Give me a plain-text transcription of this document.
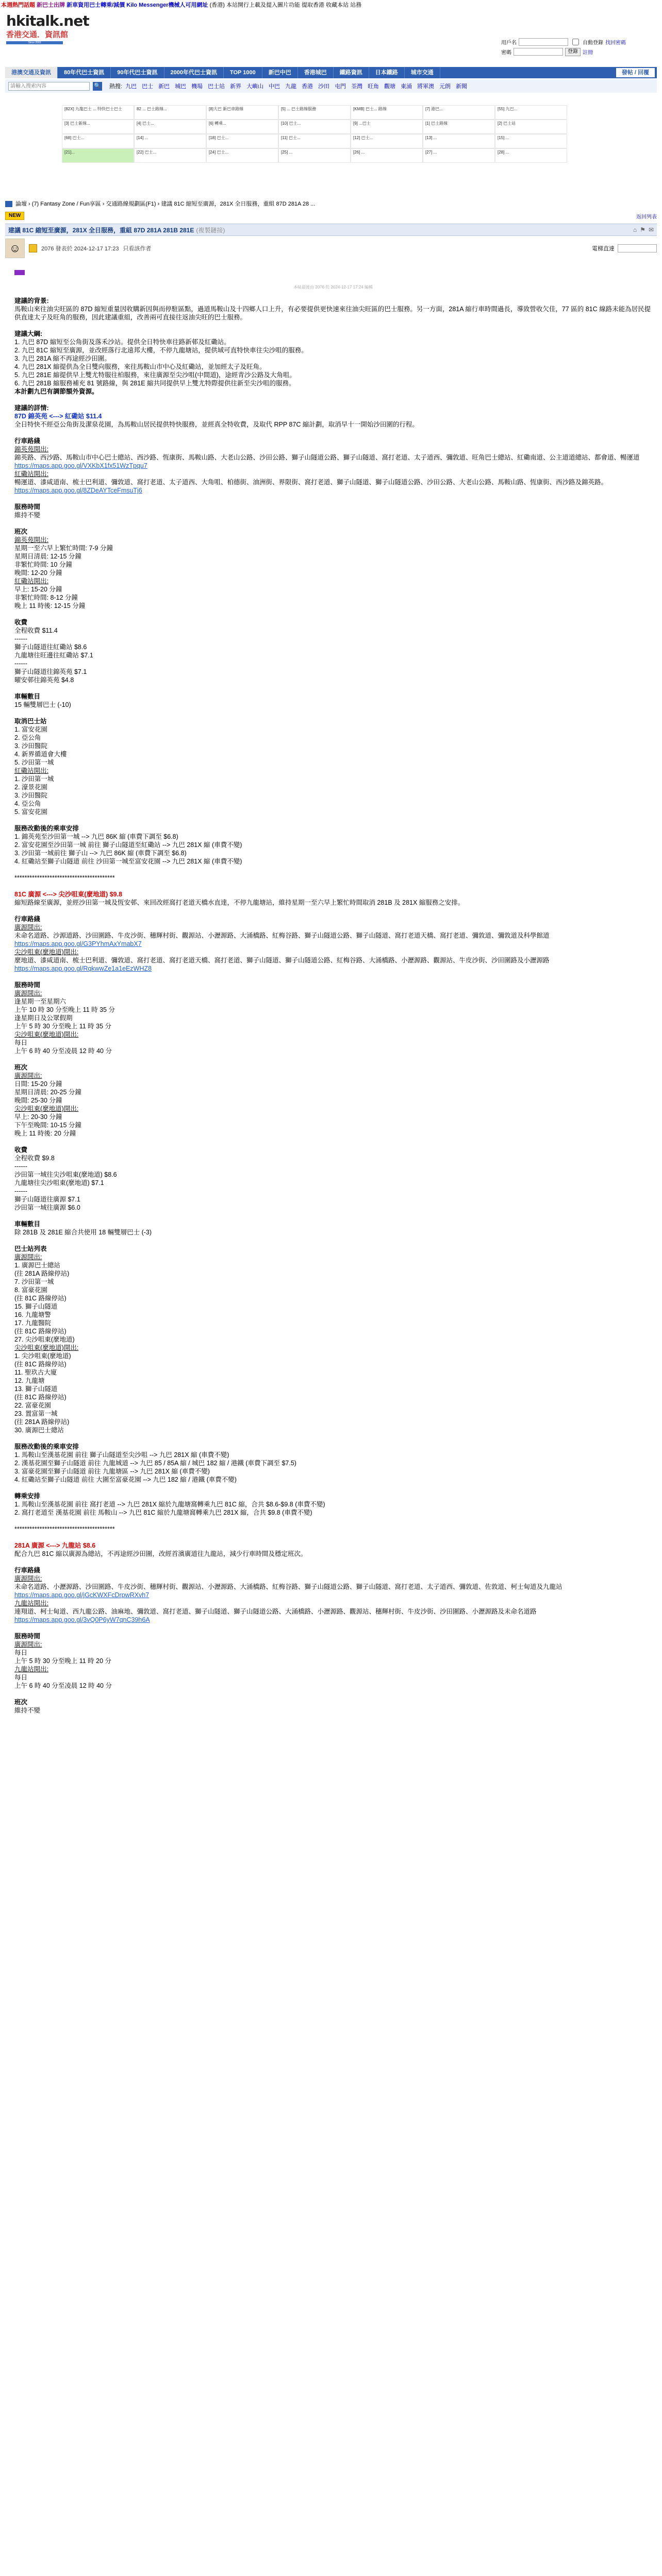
本週熱門話題 新巴士出牌 新車資用巴士轉乘/減價 Kilo Messenger機械人可用網址 (香港) 本站開行上載及提入圖片功能 提取香港 收藏本站 站務
hkitalk.net
香港交通．資訊館
Since 2003	用戶名	自動登錄 找回密碼
密碼	登錄 註冊
港澳交通及資訊	80年代巴士資訊	90年代巴士資訊	2000年代巴士資訊	TOP 1000	新巴中巴	香港城巴	鐵路資訊	日本鐵路	城市交通	發帖 / 回覆
請輸入搜索內容
🔍 熱搜: 九巴 巴士 新巴 城巴 機場 巴士站 新界 大嶼山 中巴 九龍 香港 沙田 屯門 荃灣 旺角 觀塘 東涌 將軍澳 元朗 新聞
[82X] 九龍巴士 ... 特快巴士巴士	82 ... 巴士路線...	[8]大巴 新巴車路線	[5] ... 巴士路線服務	[KMB] 巴士... 路線	[7] 港巴...	[55] 九巴...
[3] 巴士新線...	[4] 巴士...	[6] 轉乘...	[10] 巴士...	[9] ...巴士	[1] 巴士路線	[2] 巴士站
[68] 巴士...	[14] ...	[18] 巴士...	[11] 巴士...	[12] 巴士...	[13] ...	[15] ...
[21]...	[22] 巴士...	[24] 巴士...	[25] ...	[26] ...	[27] ...	[28] ...
論壇 › (7) Fantasy Zone / Fun享區 › 交通路線規劃區(F1) › 建議 81C 縮短至廣源，281X 全日服務，重組 87D 281A 28 ...
NEW	返回列表
建議 81C 縮短至廣源，281X 全日服務，重組 87D 281A 281B 281E (複製鏈接)	⌂ ⚑ ✉
☺	2076 發表於 2024-12-17 17:23 只看該作者	電梯直達
本帖最後由 2076 於 2024-12-17 17:24 編輯

建議的背景:

馬鞍山來往油尖旺區的 87D 縮短重量因收購新因與而停駐區點，過道馬鞍山及十四鄉人口上升，有必要提供更快速來往油尖旺區的巴士服務。另一方面，281A 縮行車時間過長，導致營收欠佳，77 區的 81C 線路未能為居民提供直達太子及旺角的服務，因此建議重組，改善兩可直接往返油尖旺的巴士服務。

建議大綱:

1. 九巴 87D 縮短至公角街及落禾沙站。提供全日特快車往路新邨及紅磡站。

2. 九巴 81C 縮短至廣源，並改經落行北遠邦大樓，不停九龍塘站，提供域可直特快車往尖沙咀的服務。

3. 九巴 281A 縮不再途經沙田圍。

4. 九巴 281X 縮提供為全日雙向服務，來往馬鞍山市中心及紅磡站，並加經太子及旺角。

5. 九巴 281E 縮提供早上雙尤特服往柏服務，來往廣源至尖沙咀(中間道)，途經青沙公路及大角咀。

6. 九巴 281B 縮服務補充 81 號路線，與 281E 縮共同提供早上雙尤特際提供往新至尖沙咀的服務。

本計劃九巴有調節額外資源。

建議的詳情:

87D 錦英苑 <---> 紅磡站 $11.4

全日特快不經亞公角街及潔泉花園，為馬鞍山居民提供特快服務，並經真全特收費，及取代 RPP 87C 縮計劃，取消早十一開始沙田圍的行程。

行車路綫

錦英苑開出:

錦英路、西沙路、馬鞍山市中心巴士總站、西沙路、恆康街、馬鞍山路、大老山公路、沙田公路、獅子山隧道公路、獅子山隧道、窩打老道、太子道西、彌敦道、旺角巴士總站、紅磡南道、公主道道總站、都會道、暢運道

https://maps.app.goo.gl/VXKbX1fx51WzTpqu7

紅磡站開出:

暢運道、漆咸道南、梳士巴利道、彌敦道、窩打老道、太子道西、大角咀、柏德街、油洲街、界限街、窩打老道、獅子山隧道、獅子山隧道公路、沙田公路、大老山公路、馬鞍山路、恆康街、西沙路及錦英路。

https://maps.app.goo.gl/8ZDeAYTceFmsuTj6

服務時間

維持不變

班次

錦英苑開出:

星期一至六早上繁忙時間: 7-9 分鐘

星期日清晨: 12-15 分鐘

非繁忙時間: 10 分鐘

晚間: 12-20 分鐘

紅磡站開出:

早上: 15-20 分鐘

非繁忙時間: 8-12 分鐘

晚上 11 時後: 12-15 分鐘

收費

全程收費 $11.4

------

獅子山隧道往紅磡站 $8.6

九龍塘往旺邊往紅磡站 $7.1

------

獅子山隧道往錦英苑 $7.1

曜安邨往錦英苑 $4.8

車輛數目

15 輛雙層巴士 (-10)

取消巴士站

1. 富安花園

2. 亞公角

3. 沙田醫院

4. 新界循道會大樓

5. 沙田第一城

紅磡站開出:

1. 沙田第一城

2. 濠景花園

3. 沙田醫院

4. 亞公角

5. 富安花園

服務改動後的乘車安排

1. 錦英苑至沙田第一城 --> 九巴 86K 縮 (車費下調至 $6.8)

2. 富安花園至沙田第一城 前往 獅子山隧道至紅磡站 --> 九巴 281X 縮 (車費不變)

3. 沙田第一城前往 獅子山 --> 九巴 86K 縮 (車費下調至 $6.8)

4. 紅磡站至獅子山隧道 前往 沙田第一城至富安花園 --> 九巴 281X 縮 (車費不變)

****************************************

81C 廣源 <---> 尖沙咀東(麼地道) $9.8

縮短路線至廣源，並經沙田第一城及恆安邨、來回改經窩打老道天橋水直達，不停九龍塘站，維持星期一至六早上繁忙時間取消 281B 及 281X 縮服務之安排。

行車路綫

廣源開出:

未命名道路、沙源道路、沙田圍路、牛皮沙街、穗輝村街、觀源站、小瀝源路、大涌橋路、紅梅谷路、獅子山隧道公路、獅子山隧道、窩打老道天橋、窩打老道、彌敦道、彌敦道及科學館道

https://maps.app.goo.gl/G3PYhmAxYmabX7

尖沙咀東(麼地道)開出:

麼地道、漆咸道南、梳士巴利道、彌敦道、窩打老道、窩打老道天橋、窩打老道、獅子山隧道、獅子山隧道公路、紅梅谷路、大涌橋路、小瀝源路、觀源站、牛皮沙街、沙田圍路及小瀝源路

https://maps.app.goo.gl/RqkwwZe1a1eEzWHZ8

服務時間

廣源開出:

逢星期一至星期六

上午 10 時 30 分至晚上 11 時 35 分

逢星期日及公眾假期

上午 5 時 30 分至晚上 11 時 35 分

尖沙咀東(麼地道)開出:

每日

上午 6 時 40 分至凌晨 12 時 40 分

班次

廣源開出:

日間: 15-20 分鐘

星期日清晨: 20-25 分鐘

晚間: 25-30 分鐘

尖沙咀東(麼地道)開出:

早上: 20-30 分鐘

下午至晚間: 10-15 分鐘

晚上 11 時後: 20 分鐘

收費

全程收費 $9.8

------

沙田第一城往尖沙咀東(麼地道) $8.6

九龍塘往尖沙咀東(麼地道) $7.1

------

獅子山隧道往廣源 $7.1

沙田第一城往廣源 $6.0

車輛數目

除 281B 及 281E 縮合共使用 18 輛雙層巴士 (-3)

巴士站列表

廣源開出:

1. 廣源巴士總站

(往 281A 路線停站)

7. 沙田第一城

8. 富豪花園

(往 81C 路線停站)

15. 獅子山隧道

16. 九龍塘警

17. 九龍醫院

(往 81C 路線停站)

27. 尖沙咀東(麼地道)

尖沙咀東(麼地道)開出:

1. 尖沙咀東(麼地道)

(往 81C 路線停站)

11. 聖玖古大廈

12. 九龍塘

13. 獅子山隧道

(往 81C 路線停站)

22. 富豪花園

23. 置富第一城

(往 281A 路線停站)

30. 廣源巴士總站

服務改動後的乘車安排

1. 馬鞍山至漢基花園 前往 獅子山隧道至尖沙咀 --> 九巴 281X 縮 (車費不變)

2. 漢基花園至獅子山隧道 前往 九龍城道 --> 九巴 85 / 85A 縮 / 城巴 182 縮 / 港鐵 (車費下調至 $7.5)

3. 富豪花園至獅子山隧道 前往 九龍塘區 --> 九巴 281X 縮 (車費不變)

4. 紅磡站至獅子山隧道 前往 大圍至富豪花園 --> 九巴 182 縮 / 港鐵 (車費不變)

轉乘安排

1. 馬鞍山至漢基花園 前往 窩打老道 --> 九巴 281X 縮於九龍塘窩轉乘九巴 81C 縮，合共 $8.6-$9.8 (車費不變)

2. 窩打老道至 漢基花園 前往 馬鞍山 --> 九巴 81C 縮於九龍塘窩轉乘九巴 281X 縮，合共 $9.8 (車費不變)

****************************************

281A 廣源 <---> 九龍站 $8.6

配合九巴 81C 縮以廣源為總站，不再途經沙田圍，改經首濱廣道往九龍站，減少行車時間及穩定班次。

行車路綫

廣源開出:

未命名道路、小瀝源路、沙田圍路、牛皮沙街、穗輝村街、觀源站、小瀝源路、大涌橋路、紅梅谷路、獅子山隧道公路、獅子山隧道、窩打老道、太子道西、彌敦道、佐敦道、柯士甸道及九龍站

https://maps.app.goo.gl/jGcKWXFcDrpwRXvh7

九龍站開出:

連翔道、柯士甸道、西九龍公路、油麻地、彌敦道、窩打老道、獅子山隧道、獅子山隧道公路、大涌橋路、小瀝源路、觀源站、穗輝村街、牛皮沙街、沙田圍路、小瀝源路及未命名道路

https://maps.app.goo.gl/3vQ0P6yW7qnC39h6A

服務時間

廣源開出:

每日

上午 5 時 30 分至晚上 11 時 20 分

九龍站開出:

每日

上午 6 時 40 分至凌晨 12 時 40 分

班次

維持不變
